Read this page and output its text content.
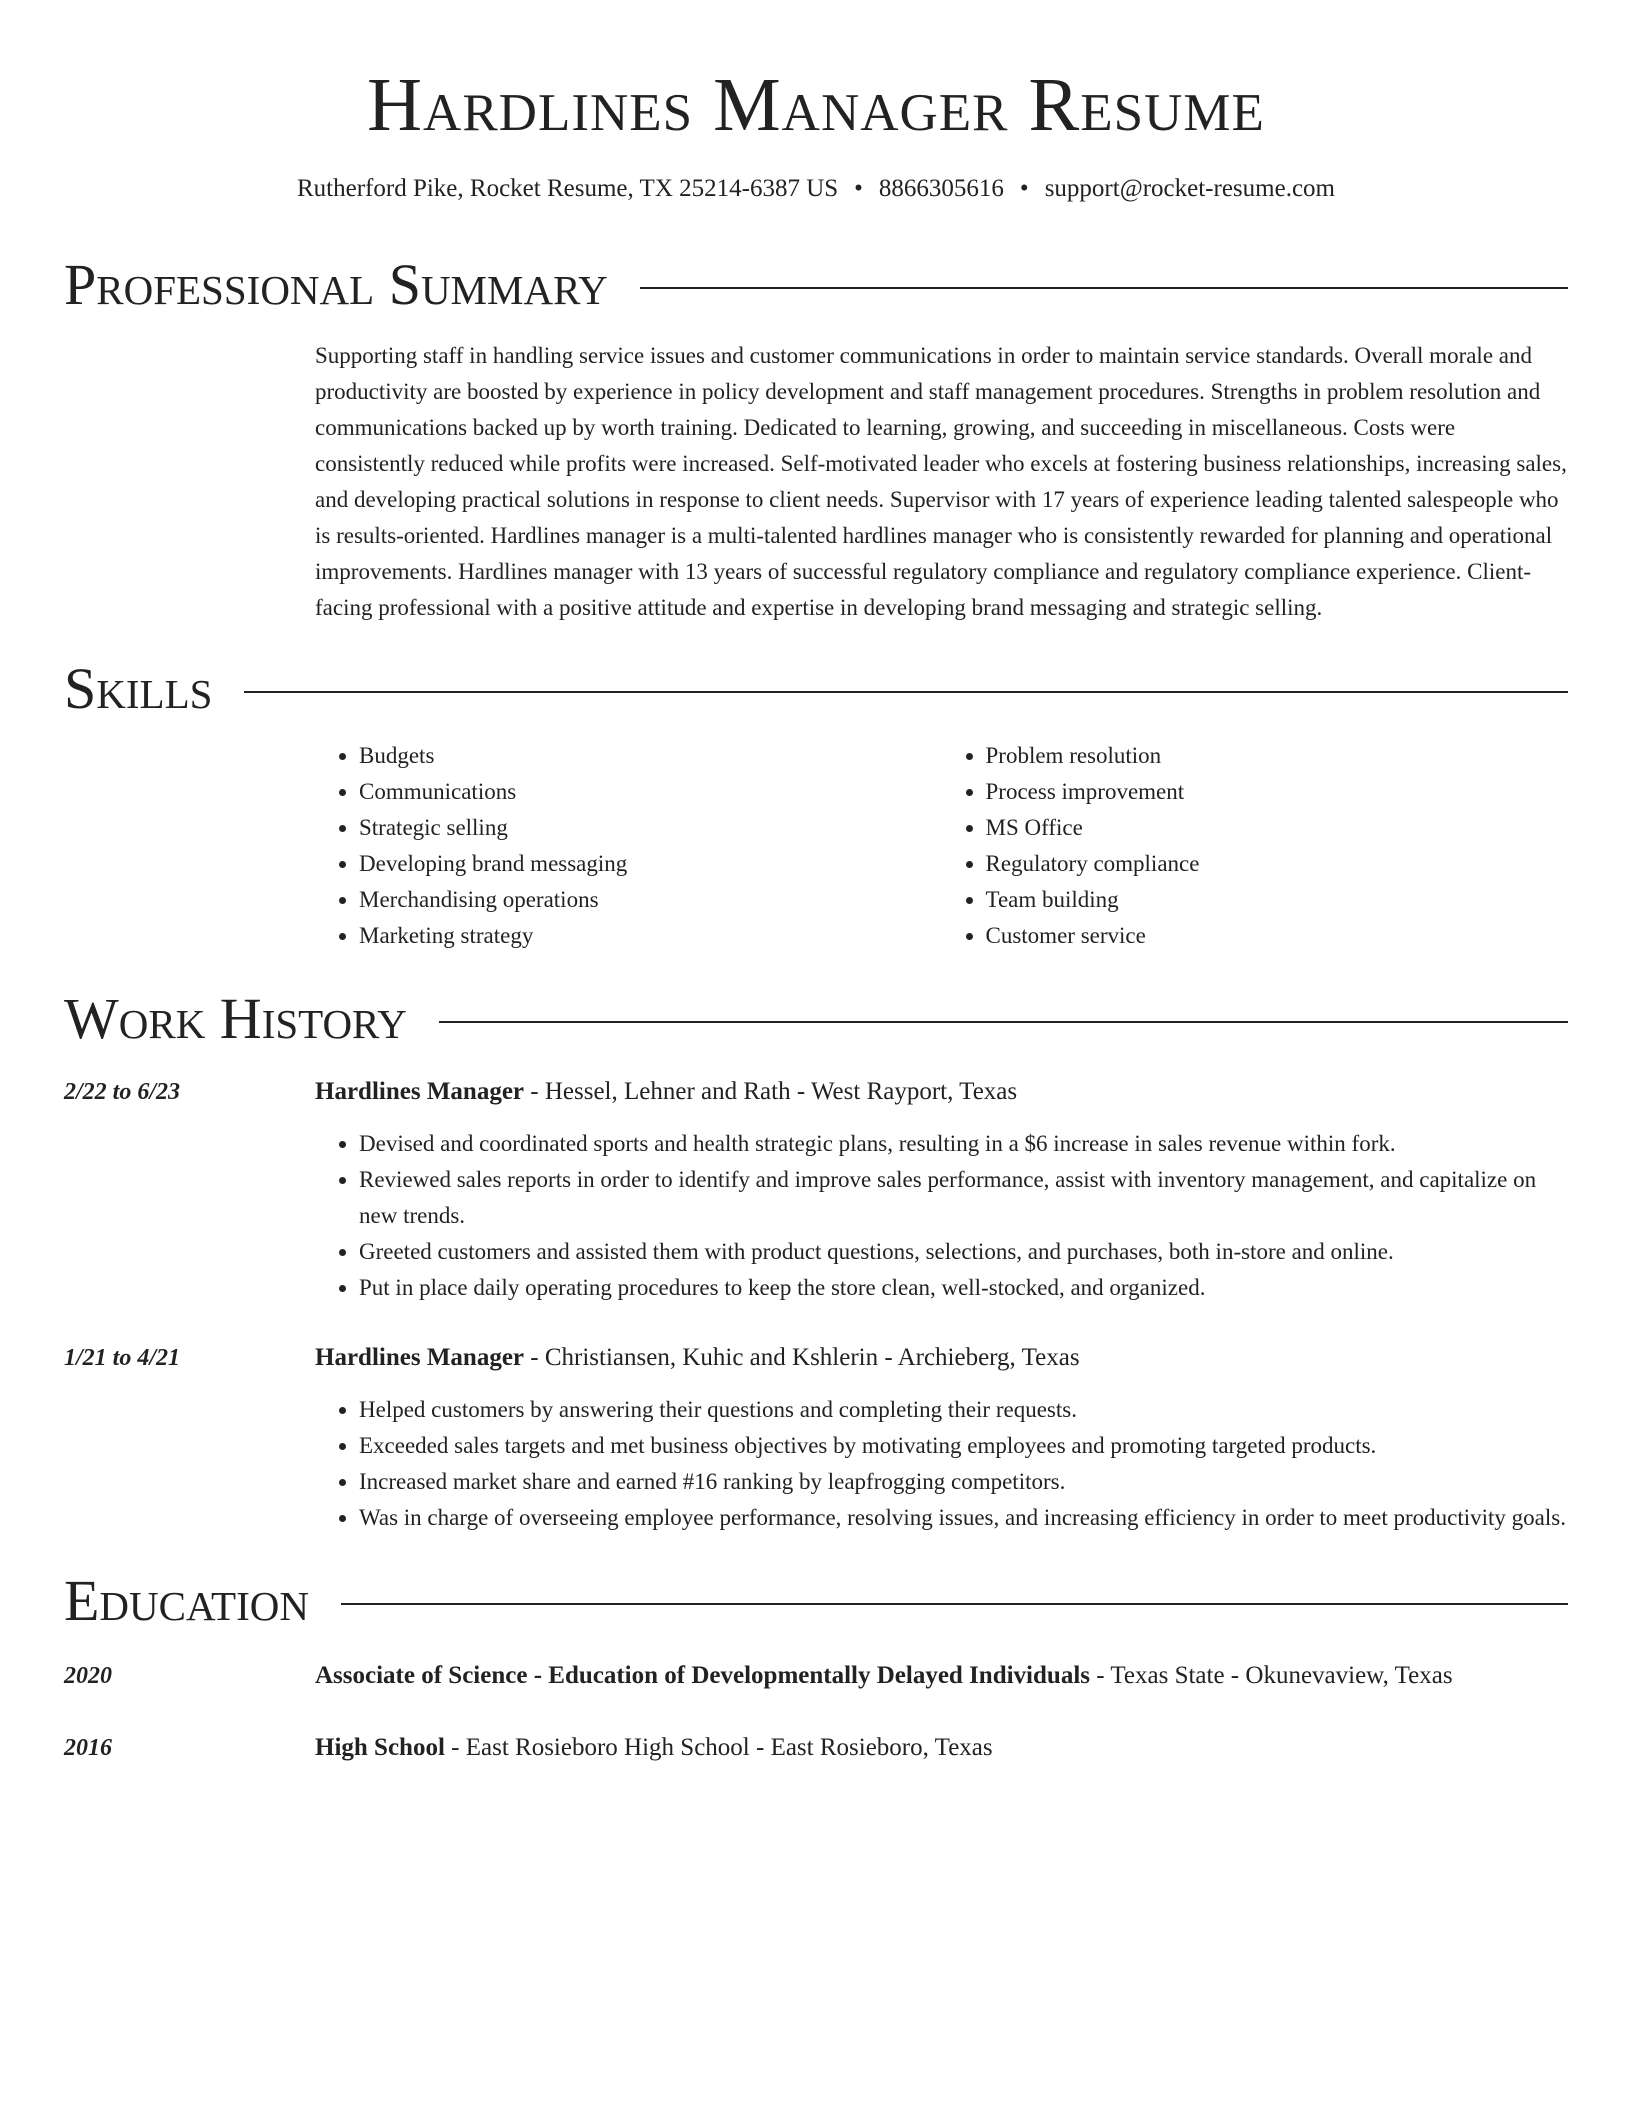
Hardlines Manager Resume
Rutherford Pike, Rocket Resume, TX 25214-6387 US • 8866305616 • support@rocket-resume.com
Professional Summary
Supporting staff in handling service issues and customer communications in order to maintain service standards. Overall morale and productivity are boosted by experience in policy development and staff management procedures. Strengths in problem resolution and communications backed up by worth training. Dedicated to learning, growing, and succeeding in miscellaneous. Costs were consistently reduced while profits were increased. Self-motivated leader who excels at fostering business relationships, increasing sales, and developing practical solutions in response to client needs. Supervisor with 17 years of experience leading talented salespeople who is results-oriented. Hardlines manager is a multi-talented hardlines manager who is consistently rewarded for planning and operational improvements. Hardlines manager with 13 years of successful regulatory compliance and regulatory compliance experience. Client-facing professional with a positive attitude and expertise in developing brand messaging and strategic selling.
Skills
• Budgets
• Communications
• Strategic selling
• Developing brand messaging
• Merchandising operations
• Marketing strategy
• Problem resolution
• Process improvement
• MS Office
• Regulatory compliance
• Team building
• Customer service
Work History
2/22 to 6/23	Hardlines Manager - Hessel, Lehner and Rath - West Rayport, Texas
• Devised and coordinated sports and health strategic plans, resulting in a $6 increase in sales revenue within fork.
• Reviewed sales reports in order to identify and improve sales performance, assist with inventory management, and capitalize on new trends.
• Greeted customers and assisted them with product questions, selections, and purchases, both in-store and online.
• Put in place daily operating procedures to keep the store clean, well-stocked, and organized.
1/21 to 4/21	Hardlines Manager - Christiansen, Kuhic and Kshlerin - Archieberg, Texas
• Helped customers by answering their questions and completing their requests.
• Exceeded sales targets and met business objectives by motivating employees and promoting targeted products.
• Increased market share and earned #16 ranking by leapfrogging competitors.
• Was in charge of overseeing employee performance, resolving issues, and increasing efficiency in order to meet productivity goals.
Education
2020	Associate of Science - Education of Developmentally Delayed Individuals - Texas State - Okunevaview, Texas
2016	High School - East Rosieboro High School - East Rosieboro, Texas
